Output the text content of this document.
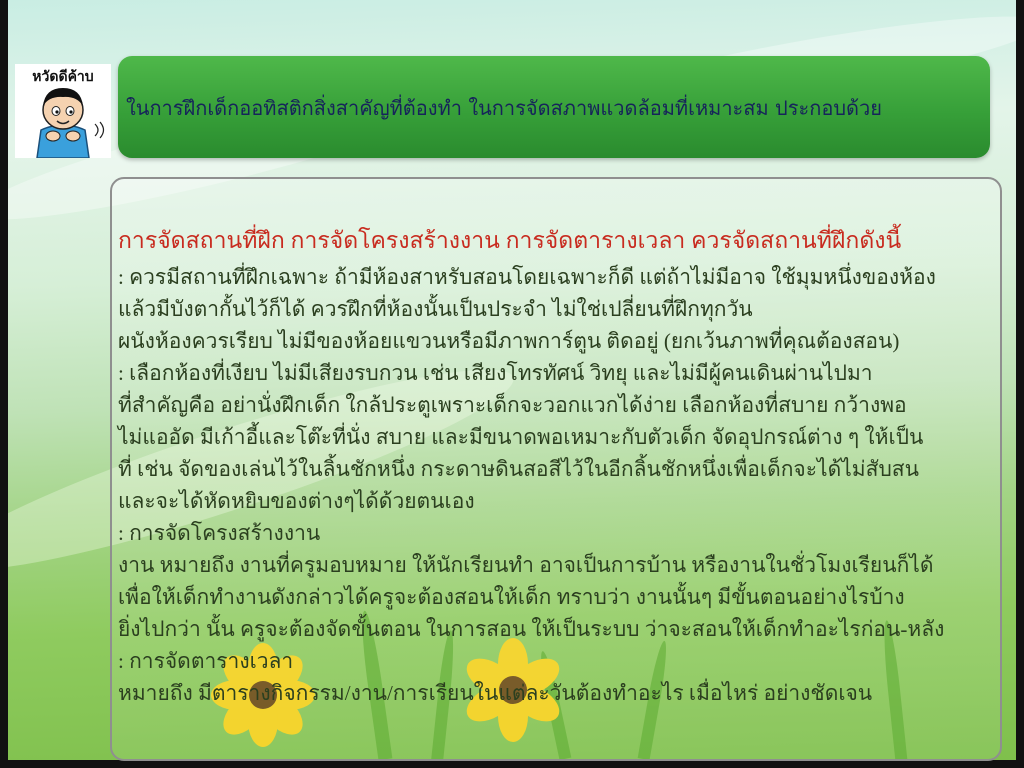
หวัดดีค้าบ
ในการฝึกเด็กออทิสติกสิ่งสาคัญที่ต้องทำ ในการจัดสภาพแวดล้อมที่เหมาะสม ประกอบด้วย

การจัดสถานที่ฝึก การจัดโครงสร้างงาน การจัดตารางเวลา ควรจัดสถานที่ฝึกดังนี้

: ควรมีสถานที่ฝึกเฉพาะ ถ้ามีห้องสาหรับสอนโดยเฉพาะก็ดี แต่ถ้าไม่มีอาจ ใช้มุมหนึ่งของห้อง

แล้วมีบังตากั้นไว้ก็ได้ ควรฝึกที่ห้องนั้นเป็นประจำ ไม่ใช่เปลี่ยนที่ฝึกทุกวัน

ผนังห้องควรเรียบ ไม่มีของห้อยแขวนหรือมีภาพการ์ตูน ติดอยู่ (ยกเว้นภาพที่คุณต้องสอน)

: เลือกห้องที่เงียบ ไม่มีเสียงรบกวน เช่น เสียงโทรทัศน์ วิทยุ และไม่มีผู้คนเดินผ่านไปมา

ที่สำคัญคือ อย่านั่งฝึกเด็ก ใกล้ประตูเพราะเด็กจะวอกแวกได้ง่าย เลือกห้องที่สบาย กว้างพอ

ไม่แออัด มีเก้าอี้และโต๊ะที่นั่ง สบาย และมีขนาดพอเหมาะกับตัวเด็ก จัดอุปกรณ์ต่าง ๆ ให้เป็น

ที่ เช่น จัดของเล่นไว้ในลิ้นชักหนึ่ง กระดาษดินสอสีไว้ในอีกลิ้นชักหนึ่งเพื่อเด็กจะได้ไม่สับสน

และจะได้หัดหยิบของต่างๆได้ด้วยตนเอง

: การจัดโครงสร้างงาน

งาน หมายถึง งานที่ครูมอบหมาย ให้นักเรียนทำ อาจเป็นการบ้าน หรืองานในชั่วโมงเรียนก็ได้

เพื่อให้เด็กทำงานดังกล่าวได้ครูจะต้องสอนให้เด็ก ทราบว่า งานนั้นๆ มีขั้นตอนอย่างไรบ้าง

ยิ่งไปกว่า นั้น ครูจะต้องจัดขั้นตอน ในการสอน ให้เป็นระบบ ว่าจะสอนให้เด็กทำอะไรก่อน-หลัง

: การจัดตารางเวลา

หมายถึง มีตารางกิจกรรม/งาน/การเรียนในแต่ละวันต้องทำอะไร เมื่อไหร่ อย่างชัดเจน
